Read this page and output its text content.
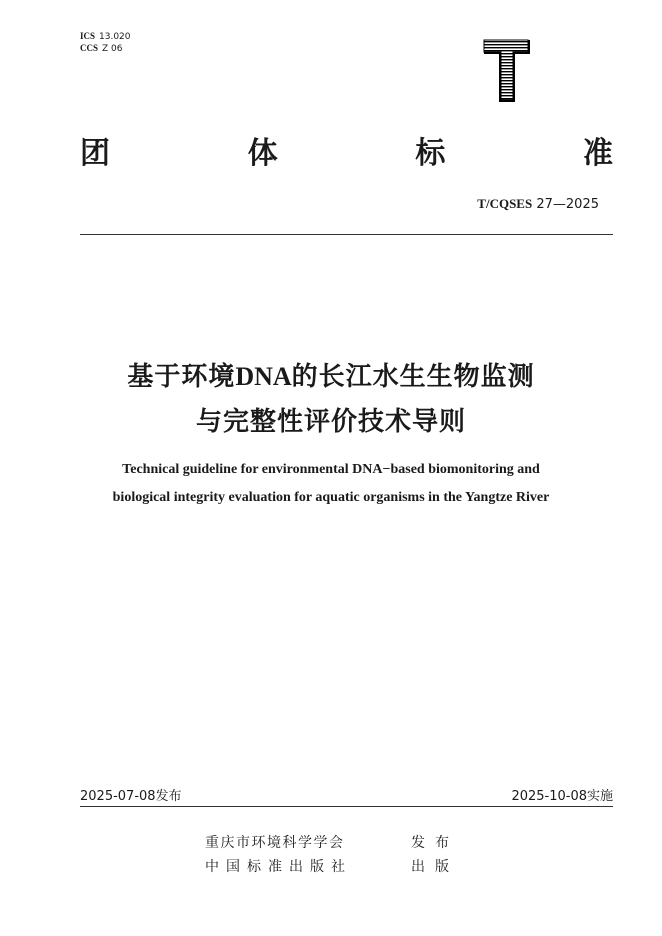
ICS 13.020
CCS Z 06
团	体	标	准
T/CQSES 27—2025
基于环境DNA的长江水生生物监测
与完整性评价技术导则
Technical guideline for environmental DNA−based biomonitoring and
biological integrity evaluation for aquatic organisms in the Yangtze River
2025-07-08发布	2025-10-08实施
重庆市环境科学学会	发布
中国标准出版社	出版
